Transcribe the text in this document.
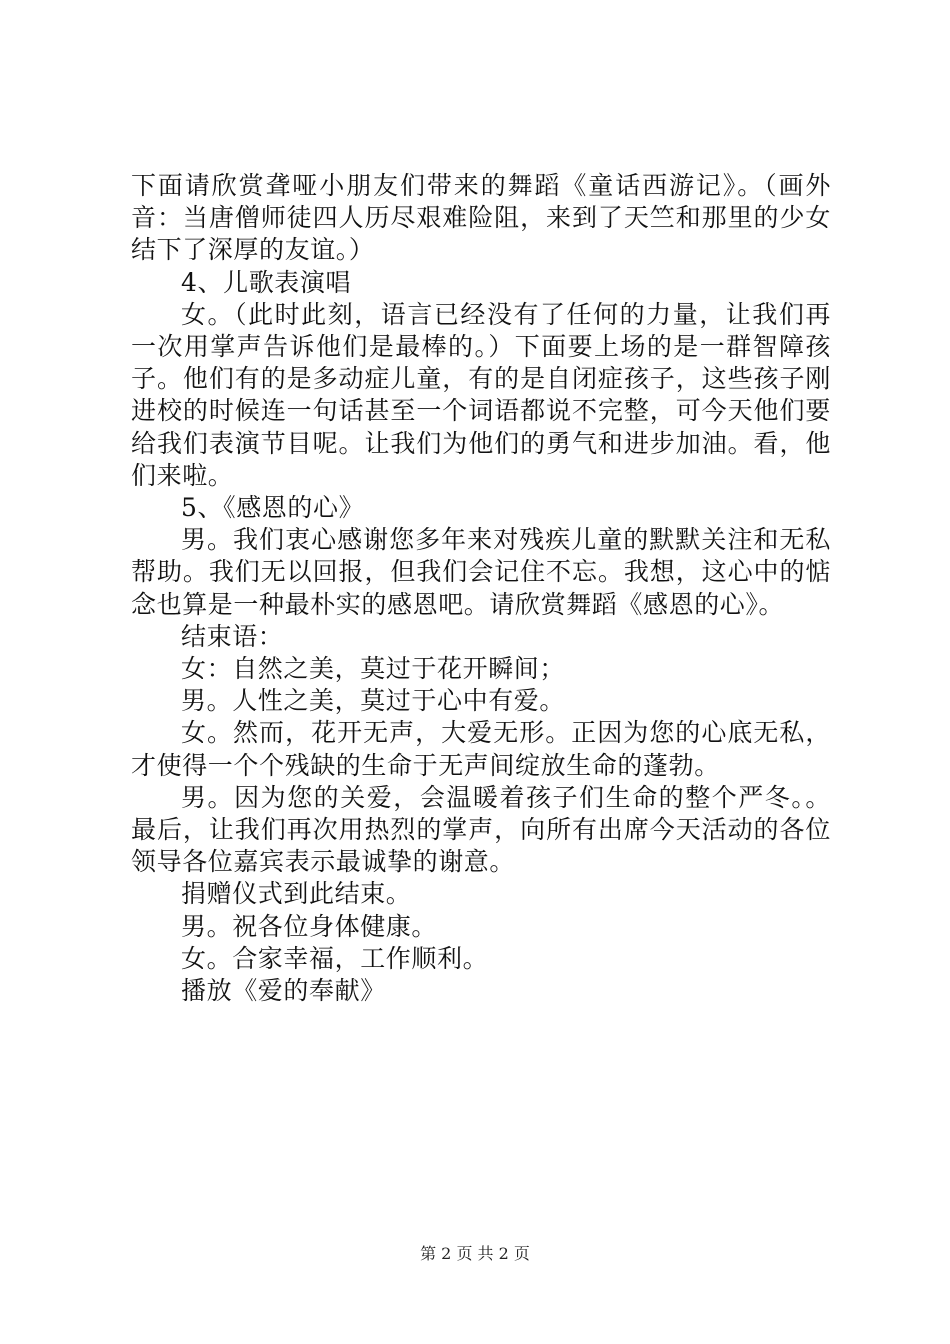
下面请欣赏聋哑小朋友们带来的舞蹈《童话西游记》。（画外音：当唐僧师徒四人历尽艰难险阻，来到了天竺和那里的少女结下了深厚的友谊。）

4、儿歌表演唱

女。（此时此刻，语言已经没有了任何的力量，让我们再一次用掌声告诉他们是最棒的。）下面要上场的是一群智障孩子。他们有的是多动症儿童，有的是自闭症孩子，这些孩子刚进校的时候连一句话甚至一个词语都说不完整，可今天他们要给我们表演节目呢。让我们为他们的勇气和进步加油。看，他们来啦。

5、《感恩的心》

男。我们衷心感谢您多年来对残疾儿童的默默关注和无私帮助。我们无以回报，但我们会记住不忘。我想，这心中的惦念也算是一种最朴实的感恩吧。请欣赏舞蹈《感恩的心》。

结束语：

女：自然之美，莫过于花开瞬间；

男。人性之美，莫过于心中有爱。

女。然而，花开无声，大爱无形。正因为您的心底无私，才使得一个个残缺的生命于无声间绽放生命的蓬勃。

男。因为您的关爱，会温暖着孩子们生命的整个严冬。。最后，让我们再次用热烈的掌声，向所有出席今天活动的各位领导各位嘉宾表示最诚挚的谢意。

捐赠仪式到此结束。

男。祝各位身体健康。

女。合家幸福，工作顺利。

播放《爱的奉献》

第 2 页 共 2 页
